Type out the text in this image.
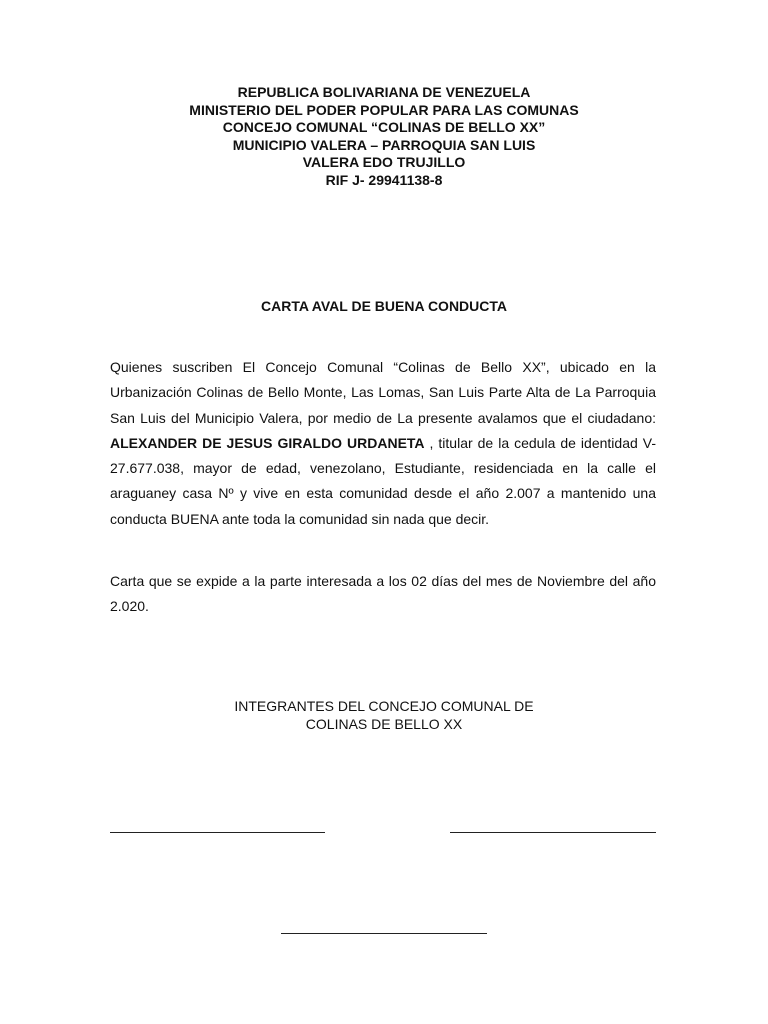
REPUBLICA BOLIVARIANA DE VENEZUELA
MINISTERIO DEL PODER POPULAR PARA LAS COMUNAS
CONCEJO COMUNAL “COLINAS DE BELLO XX”
MUNICIPIO VALERA – PARROQUIA SAN LUIS
VALERA EDO TRUJILLO
RIF J- 29941138-8
CARTA AVAL DE BUENA CONDUCTA

Quienes suscriben El Concejo Comunal “Colinas de Bello XX”, ubicado en la Urbanización Colinas de Bello Monte, Las Lomas, San Luis Parte Alta de La Parroquia San Luis del Municipio Valera, por medio de La presente avalamos que el ciudadano: ALEXANDER DE JESUS GIRALDO URDANETA , titular de la cedula de identidad V- 27.677.038, mayor de edad, venezolano, Estudiante, residenciada en la calle el araguaney casa Nº y vive en esta comunidad desde el año 2.007 a mantenido una conducta BUENA ante toda la comunidad sin nada que decir.

Carta que se expide a la parte interesada a los 02 días del mes de Noviembre del año 2.020.

INTEGRANTES DEL CONCEJO COMUNAL DE
COLINAS DE BELLO XX
